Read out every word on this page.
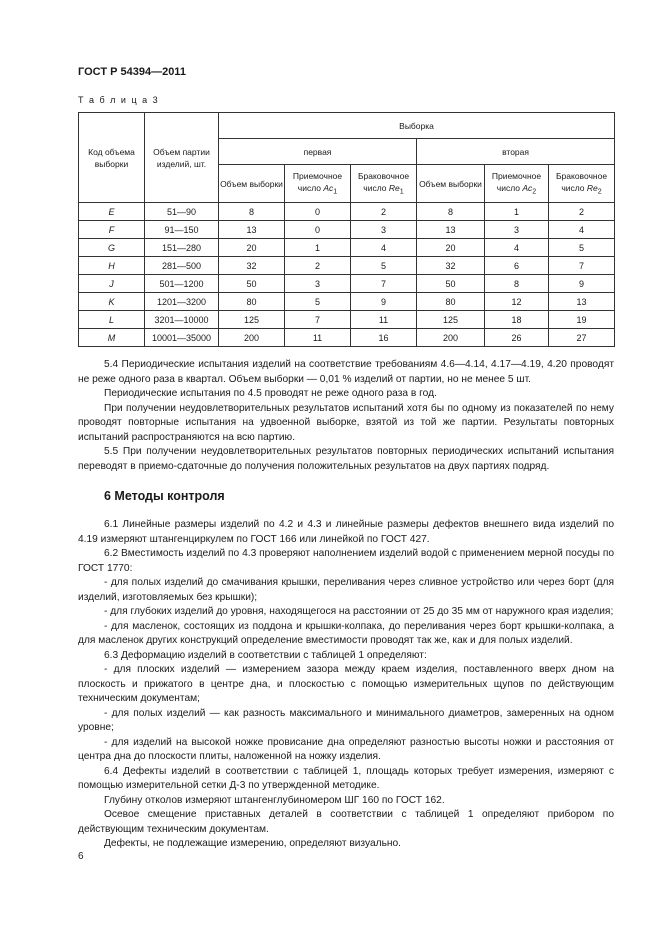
ГОСТ Р 54394—2011
Т а б л и ц а 3
Код объема выборки	Объем партии изделий, шт.	Выборка					
		первая			вторая		
		Объем выборки	Приемочное число $Ac_1$	Браковочное число $Re_1$	Объем выборки	Приемочное число $Ac_2$	Браковочное число $Re_2$
E	51—90	8	0	2	8	1	2
F	91—150	13	0	3	13	3	4
G	151—280	20	1	4	20	4	5
H	281—500	32	2	5	32	6	7
J	501—1200	50	3	7	50	8	9
K	1201—3200	80	5	9	80	12	13
L	3201—10000	125	7	11	125	18	19
M	10001—35000	200	11	16	200	26	27

5.4 Периодические испытания изделий на соответствие требованиям 4.6—4.14, 4.17—4.19, 4.20 проводят не реже одного раза в квартал. Объем выборки — 0,01 % изделий от партии, но не менее 5 шт.

Периодические испытания по 4.5 проводят не реже одного раза в год.

При получении неудовлетворительных результатов испытаний хотя бы по одному из показателей по нему проводят повторные испытания на удвоенной выборке, взятой из той же партии. Результаты повторных испытаний распространяются на всю партию.

5.5 При получении неудовлетворительных результатов повторных периодических испытаний испытания переводят в приемо-сдаточные до получения положительных результатов на двух партиях подряд.

6 Методы контроля

6.1 Линейные размеры изделий по 4.2 и 4.3 и линейные размеры дефектов внешнего вида изделий по 4.19 измеряют штангенциркулем по ГОСТ 166 или линейкой по ГОСТ 427.

6.2 Вместимость изделий по 4.3 проверяют наполнением изделий водой с применением мерной посуды по ГОСТ 1770:

- для полых изделий до смачивания крышки, переливания через сливное устройство или через борт (для изделий, изготовляемых без крышки);

- для глубоких изделий до уровня, находящегося на расстоянии от 25 до 35 мм от наружного края изделия;

- для масленок, состоящих из поддона и крышки-колпака, до переливания через борт крышки-колпака, а для масленок других конструкций определение вместимости проводят так же, как и для полых изделий.

6.3 Деформацию изделий в соответствии с таблицей 1 определяют:

- для плоских изделий — измерением зазора между краем изделия, поставленного вверх дном на плоскость и прижатого в центре дна, и плоскостью с помощью измерительных щупов по действующим техническим документам;

- для полых изделий — как разность максимального и минимального диаметров, замеренных на одном уровне;

- для изделий на высокой ножке провисание дна определяют разностью высоты ножки и расстояния от центра дна до плоскости плиты, наложенной на ножку изделия.

6.4 Дефекты изделий в соответствии с таблицей 1, площадь которых требует измерения, измеряют с помощью измерительной сетки Д-3 по утвержденной методике.

Глубину отколов измеряют штангенглубиномером ШГ 160 по ГОСТ 162.

Осевое смещение приставных деталей в соответствии с таблицей 1 определяют прибором по действующим техническим документам.

Дефекты, не подлежащие измерению, определяют визуально.

6
